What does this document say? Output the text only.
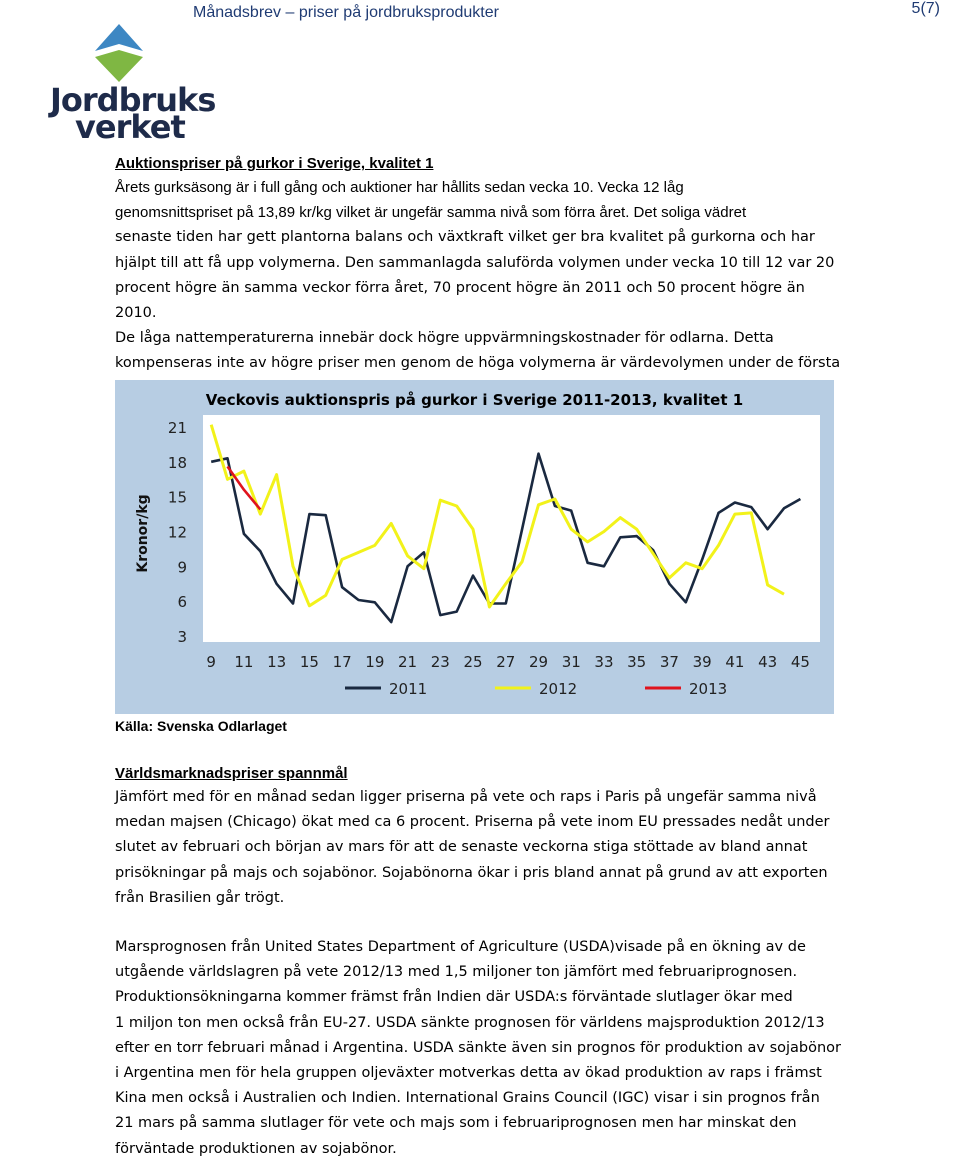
Månadsbrev – priser på jordbruksprodukter	5(7)
Jordbruks
verket
Auktionspriser på gurkor i Sverige, kvalitet 1

Årets gurksäsong är i full gång och auktioner har hållits sedan vecka 10. Vecka 12 låg

genomsnittspriset på 13,89 kr/kg vilket är ungefär samma nivå som förra året. Det soliga vädret

senaste tiden har gett plantorna balans och växtkraft vilket ger bra kvalitet på gurkorna och har

hjälpt till att få upp volymerna. Den sammanlagda saluförda volymen under vecka 10 till 12 var 20

procent högre än samma veckor förra året, 70 procent högre än 2011 och 50 procent högre än 2010.

De låga nattemperaturerna innebär dock högre uppvärmningskostnader för odlarna. Detta

kompenseras inte av högre priser men genom de höga volymerna är värdevolymen under de första

Veckovis auktionspris på gurkor i Sverige 2011-2013, kvalitet 1
3
6
9
12
15
18
21
9 11 13 15 17 19 21 23 25 27 29 31 33 35 37 39 41 43 45
Kronor/kg
2011	2012	2013
Källa: Svenska Odlarlaget
Världsmarknadspriser spannmål

Jämfört med för en månad sedan ligger priserna på vete och raps i Paris på ungefär samma nivå

medan majsen (Chicago) ökat med ca 6 procent. Priserna på vete inom EU pressades nedåt under

slutet av februari och början av mars för att de senaste veckorna stiga stöttade av bland annat

prisökningar på majs och sojabönor. Sojabönorna ökar i pris bland annat på grund av att exporten

från Brasilien går trögt.

Marsprognosen från United States Department of Agriculture (USDA)visade på en ökning av de

utgående världslagren på vete 2012/13 med 1,5 miljoner ton jämfört med februariprognosen.

Produktionsökningarna kommer främst från Indien där USDA:s förväntade slutlager ökar med

1 miljon ton men också från EU-27. USDA sänkte prognosen för världens majsproduktion 2012/13

efter en torr februari månad i Argentina. USDA sänkte även sin prognos för produktion av sojabönor

i Argentina men för hela gruppen oljeväxter motverkas detta av ökad produktion av raps i främst

Kina men också i Australien och Indien. International Grains Council (IGC) visar i sin prognos från

21 mars på samma slutlager för vete och majs som i februariprognosen men har minskat den

förväntade produktionen av sojabönor.
